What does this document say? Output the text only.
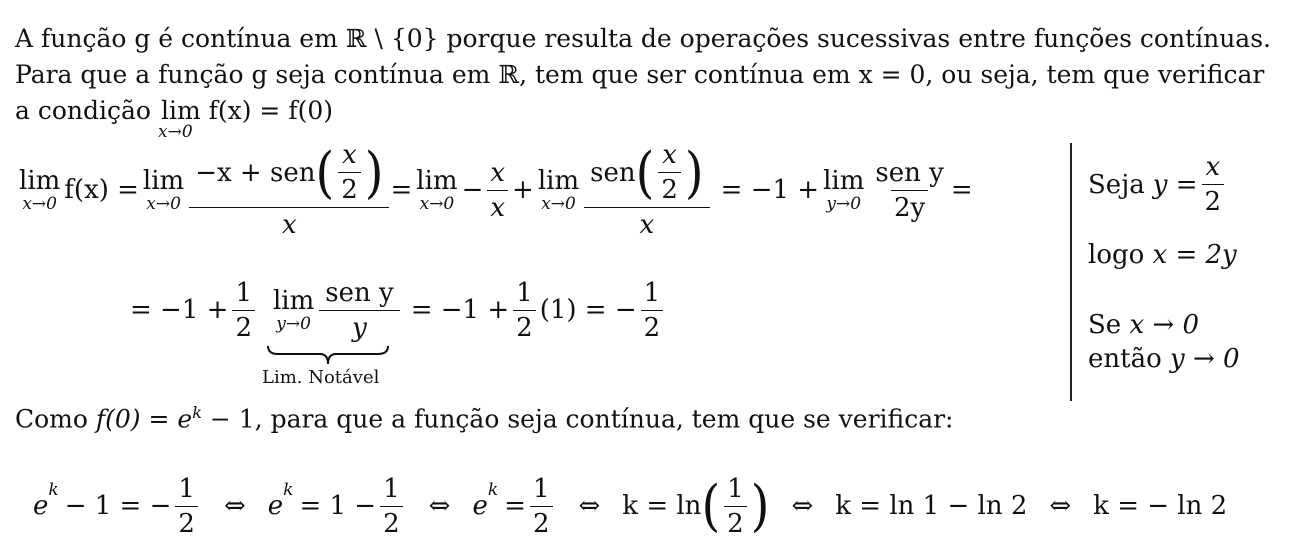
A função g é contínua em ℝ \ {0} porque resulta de operações sucessivas entre funções contínuas.
Para que a função g seja contínua em ℝ, tem que ser contínua em x = 0, ou seja, tem que verificar
a condição lim f(x) = f(0)
x→0
lim
x→0 f(x) = lim
$x\to 0 \frac{-x + sen ( \frac{x}{2} )}{x} = \lim$
$x\to 0 - \frac{x}{x} + \lim$
$x\to 0 \frac{sen ( \frac{x}{2} )}{x} = -1 + \lim$
$y\to 0 \frac{\text{sen y}}{2y}$ =
= $-1 + \frac{1}{2}$ lim
$y\to 0 \frac{\text{sen y}}{y} = -1 + \frac{1}{2} (1)$ = − $\frac{1}{2}$
Lim. Notável
Seja $y = \frac{x}{2}$
logo x = 2y
Se x → 0
então y → 0
Como $f(0) = e^k - 1$, para que a função seja contínua, tem que se verificar:
e
$^k$
− 1 = − $\frac{1}{2}$ ⇔ e
$^k$
= $1 - \frac{1}{2}$ ⇔ e
$^k$
= $\frac{1}{2}$ ⇔ k = ln ( $\frac{1}{2}$ ) ⇔ k = ln 1 − ln 2 ⇔ k = − ln 2
